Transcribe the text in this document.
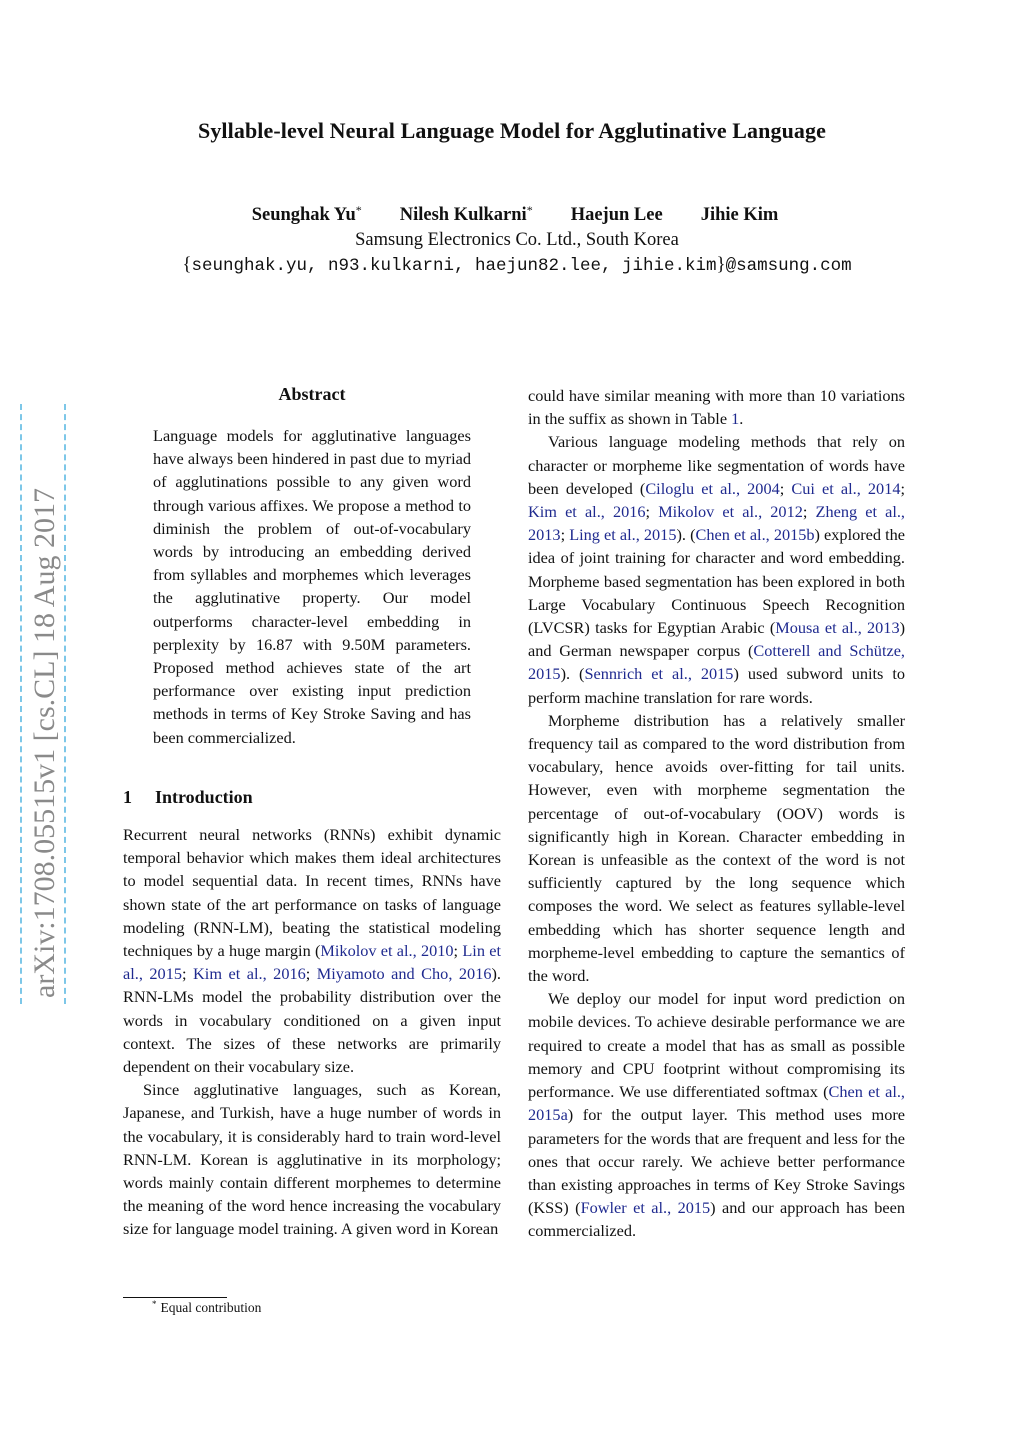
arXiv:1708.05515v1 [cs.CL] 18 Aug 2017
Syllable-level Neural Language Model for Agglutinative Language
Seunghak Yu* Nilesh Kulkarni* Haejun Lee Jihie Kim
Samsung Electronics Co. Ltd., South Korea
{seunghak.yu, n93.kulkarni, haejun82.lee, jihie.kim}@samsung.com
Abstract
Language models for agglutinative languages have always been hindered in past due to myriad of agglutinations possible to any given word through various affixes. We propose a method to diminish the problem of out-of-vocabulary words by introducing an embedding derived from syllables and morphemes which leverages the agglutinative property. Our model outperforms character-level embedding in perplexity by 16.87 with 9.50M parameters. Proposed method achieves state of the art performance over existing input prediction methods in terms of Key Stroke Saving and has been commercialized.
1 Introduction

Recurrent neural networks (RNNs) exhibit dynamic temporal behavior which makes them ideal architectures to model sequential data. In recent times, RNNs have shown state of the art performance on tasks of language modeling (RNN-LM), beating the statistical modeling techniques by a huge margin (Mikolov et al., 2010; Lin et al., 2015; Kim et al., 2016; Miyamoto and Cho, 2016). RNN-LMs model the probability distribution over the words in vocabulary conditioned on a given input context. The sizes of these networks are primarily dependent on their vocabulary size.

Since agglutinative languages, such as Korean, Japanese, and Turkish, have a huge number of words in the vocabulary, it is considerably hard to train word-level RNN-LM. Korean is agglutinative in its morphology; words mainly contain different morphemes to determine the meaning of the word hence increasing the vocabulary size for language model training. A given word in Korean

could have similar meaning with more than 10 variations in the suffix as shown in Table 1.

Various language modeling methods that rely on character or morpheme like segmentation of words have been developed (Ciloglu et al., 2004; Cui et al., 2014; Kim et al., 2016; Mikolov et al., 2012; Zheng et al., 2013; Ling et al., 2015). (Chen et al., 2015b) explored the idea of joint training for character and word embedding. Morpheme based segmentation has been explored in both Large Vocabulary Continuous Speech Recognition (LVCSR) tasks for Egyptian Arabic (Mousa et al., 2013) and German newspaper corpus (Cotterell and Schütze, 2015). (Sennrich et al., 2015) used subword units to perform machine translation for rare words.

Morpheme distribution has a relatively smaller frequency tail as compared to the word distribution from vocabulary, hence avoids over-fitting for tail units. However, even with morpheme segmentation the percentage of out-of-vocabulary (OOV) words is significantly high in Korean. Character embedding in Korean is unfeasible as the context of the word is not sufficiently captured by the long sequence which composes the word. We select as features syllable-level embedding which has shorter sequence length and morpheme-level embedding to capture the semantics of the word.

We deploy our model for input word prediction on mobile devices. To achieve desirable performance we are required to create a model that has as small as possible memory and CPU footprint without compromising its performance. We use differentiated softmax (Chen et al., 2015a) for the output layer. This method uses more parameters for the words that are frequent and less for the ones that occur rarely. We achieve better performance than existing approaches in terms of Key Stroke Savings (KSS) (Fowler et al., 2015) and our approach has been commercialized.

* Equal contribution
